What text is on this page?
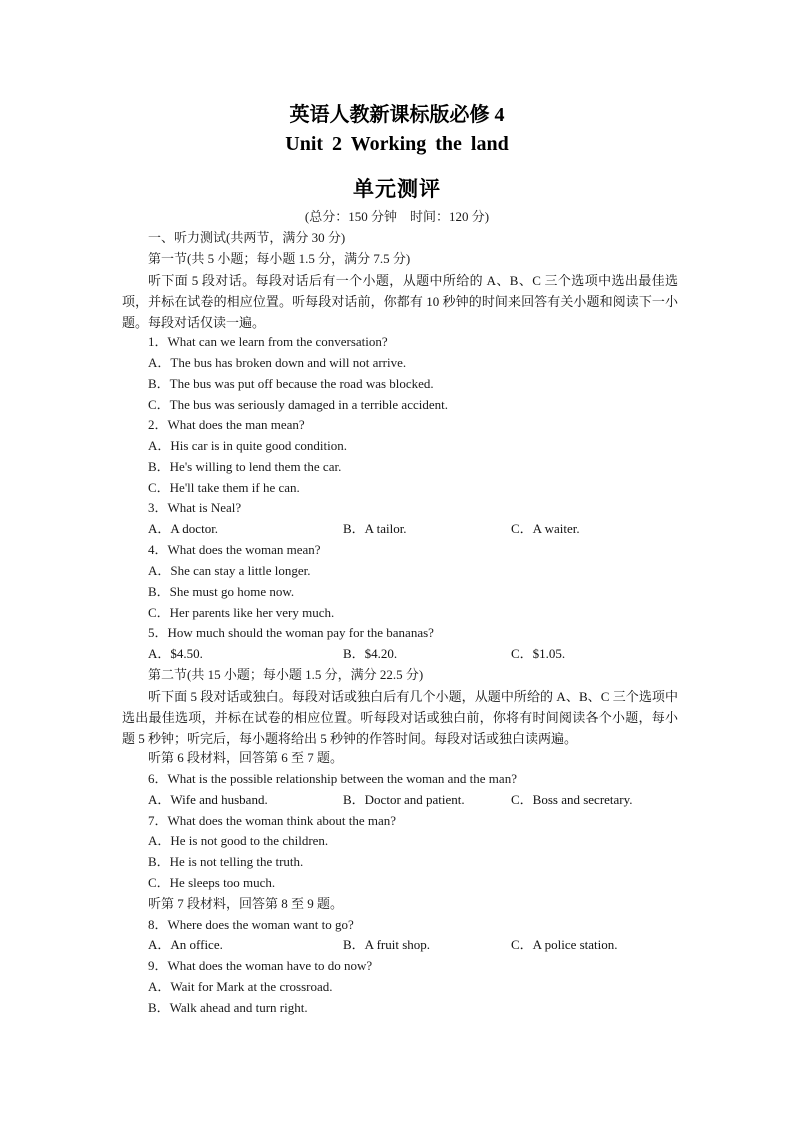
英语人教新课标版必修 4
Unit 2 Working the land
单元测评
(总分：150 分钟　时间：120 分)
一、听力测试(共两节，满分 30 分)
第一节(共 5 小题；每小题 1.5 分，满分 7.5 分)
听下面 5 段对话。每段对话后有一个小题，从题中所给的 A、B、C 三个选项中选出最佳选项，并标在试卷的相应位置。听每段对话前，你都有 10 秒钟的时间来回答有关小题和阅读下一小题。每段对话仅读一遍。
1．What can we learn from the conversation?
A．The bus has broken down and will not arrive.
B．The bus was put off because the road was blocked.
C．The bus was seriously damaged in a terrible accident.
2．What does the man mean?
A．His car is in quite good condition.
B．He's willing to lend them the car.
C．He'll take them if he can.
3．What is Neal?
A．A doctor.	B．A tailor.	C．A waiter.
4．What does the woman mean?
A．She can stay a little longer.
B．She must go home now.
C．Her parents like her very much.
5．How much should the woman pay for the bananas?
A．$4.50.	B．$4.20.	C．$1.05.
第二节(共 15 小题；每小题 1.5 分，满分 22.5 分)
听下面 5 段对话或独白。每段对话或独白后有几个小题，从题中所给的 A、B、C 三个选项中选出最佳选项，并标在试卷的相应位置。听每段对话或独白前，你将有时间阅读各个小题，每小题 5 秒钟；听完后，每小题将给出 5 秒钟的作答时间。每段对话或独白读两遍。
听第 6 段材料，回答第 6 至 7 题。
6．What is the possible relationship between the woman and the man?
A．Wife and husband.	B．Doctor and patient.	C．Boss and secretary.
7．What does the woman think about the man?
A．He is not good to the children.
B．He is not telling the truth.
C．He sleeps too much.
听第 7 段材料，回答第 8 至 9 题。
8．Where does the woman want to go?
A．An office.	B．A fruit shop.	C．A police station.
9．What does the woman have to do now?
A．Wait for Mark at the crossroad.
B．Walk ahead and turn right.
